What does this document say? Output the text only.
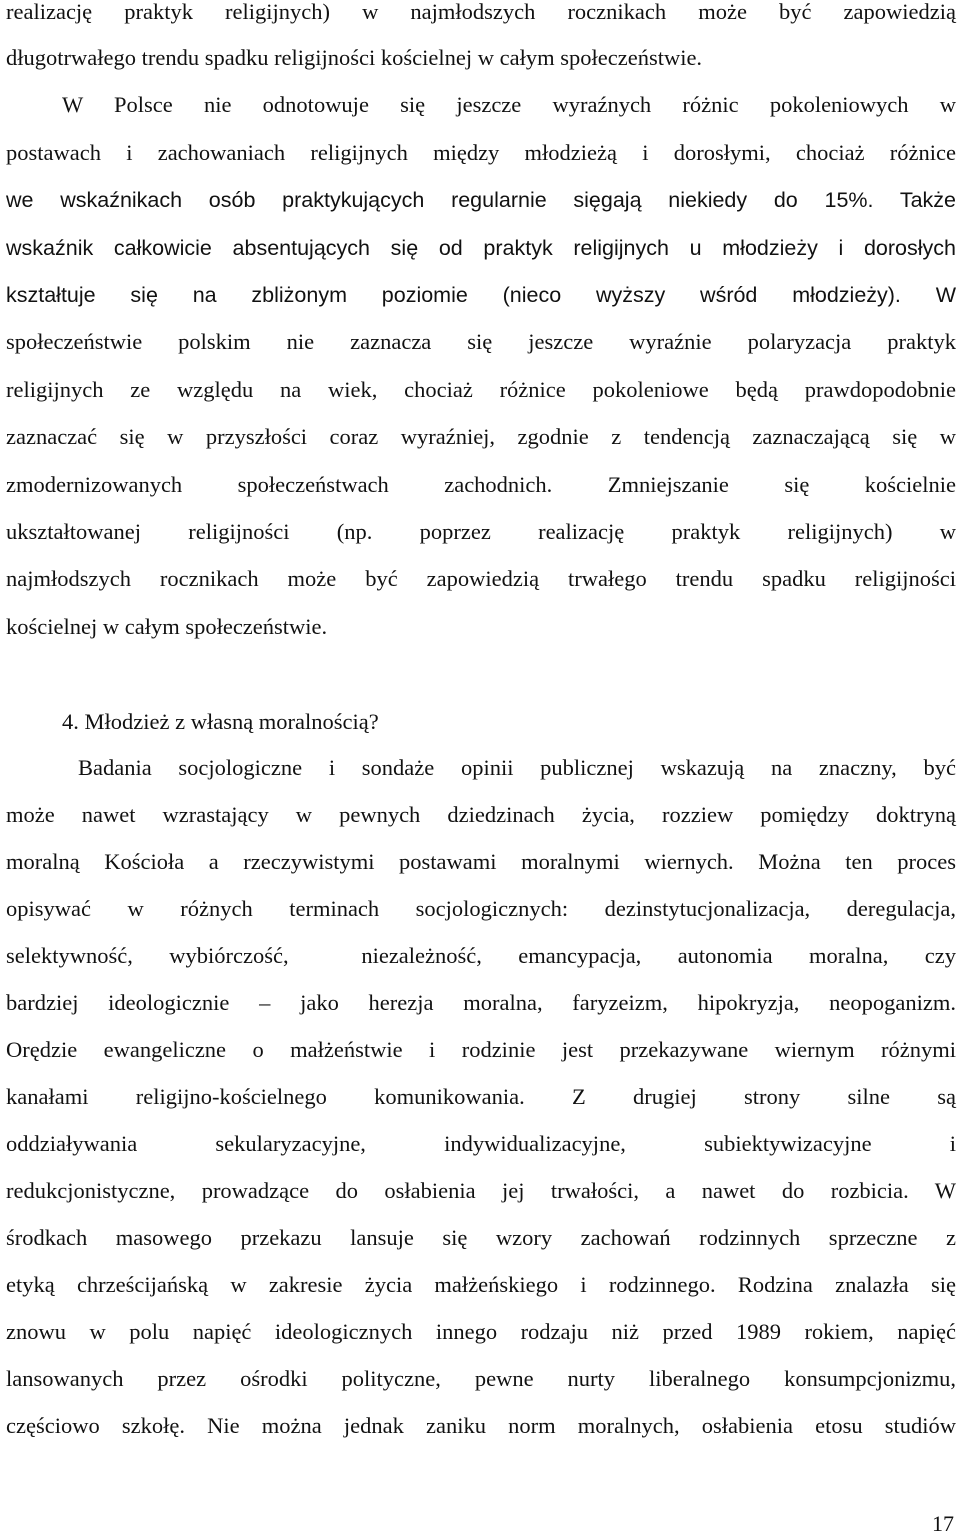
realizację praktyk religijnych) w najmłodszych rocznikach może być zapowiedzią
długotrwałego trendu spadku religijności kościelnej w całym społeczeństwie.
W Polsce nie odnotowuje się jeszcze wyraźnych różnic pokoleniowych w
postawach i zachowaniach religijnych między młodzieżą i dorosłymi, chociaż różnice
we wskaźnikach osób praktykujących regularnie sięgają niekiedy do 15%. Także
wskaźnik całkowicie absentujących się od praktyk religijnych u młodzieży i dorosłych
kształtuje się na zbliżonym poziomie (nieco wyższy wśród młodzieży). W
społeczeństwie polskim nie zaznacza się jeszcze wyraźnie polaryzacja praktyk
religijnych ze względu na wiek, chociaż różnice pokoleniowe będą prawdopodobnie
zaznaczać się w przyszłości coraz wyraźniej, zgodnie z tendencją zaznaczającą się w
zmodernizowanych społeczeństwach zachodnich. Zmniejszanie się kościelnie
ukształtowanej religijności (np. poprzez realizację praktyk religijnych) w
najmłodszych rocznikach może być zapowiedzią trwałego trendu spadku religijności
kościelnej w całym społeczeństwie.
4. Młodzież z własną moralnością?
Badania socjologiczne i sondaże opinii publicznej wskazują na znaczny, być
może nawet wzrastający w pewnych dziedzinach życia, rozziew pomiędzy doktryną
moralną Kościoła a rzeczywistymi postawami moralnymi wiernych. Można ten proces
opisywać w różnych terminach socjologicznych: dezinstytucjonalizacja, deregulacja,
selektywność, wybiórczość,  niezależność, emancypacja, autonomia moralna, czy
bardziej ideologicznie – jako herezja moralna, faryzeizm, hipokryzja, neopoganizm.
Orędzie ewangeliczne o małżeństwie i rodzinie jest przekazywane wiernym różnymi
kanałami religijno-kościelnego komunikowania. Z drugiej strony silne są
oddziaływania sekularyzacyjne, indywidualizacyjne, subiektywizacyjne i
redukcjonistyczne, prowadzące do osłabienia jej trwałości, a nawet do rozbicia. W
środkach masowego przekazu lansuje się wzory zachowań rodzinnych sprzeczne z
etyką chrześcijańską w zakresie życia małżeńskiego i rodzinnego. Rodzina znalazła się
znowu w polu napięć ideologicznych innego rodzaju niż przed 1989 rokiem, napięć
lansowanych przez ośrodki polityczne, pewne nurty liberalnego konsumpcjonizmu,
częściowo szkołę. Nie można jednak zaniku norm moralnych, osłabienia etosu studiów
17
